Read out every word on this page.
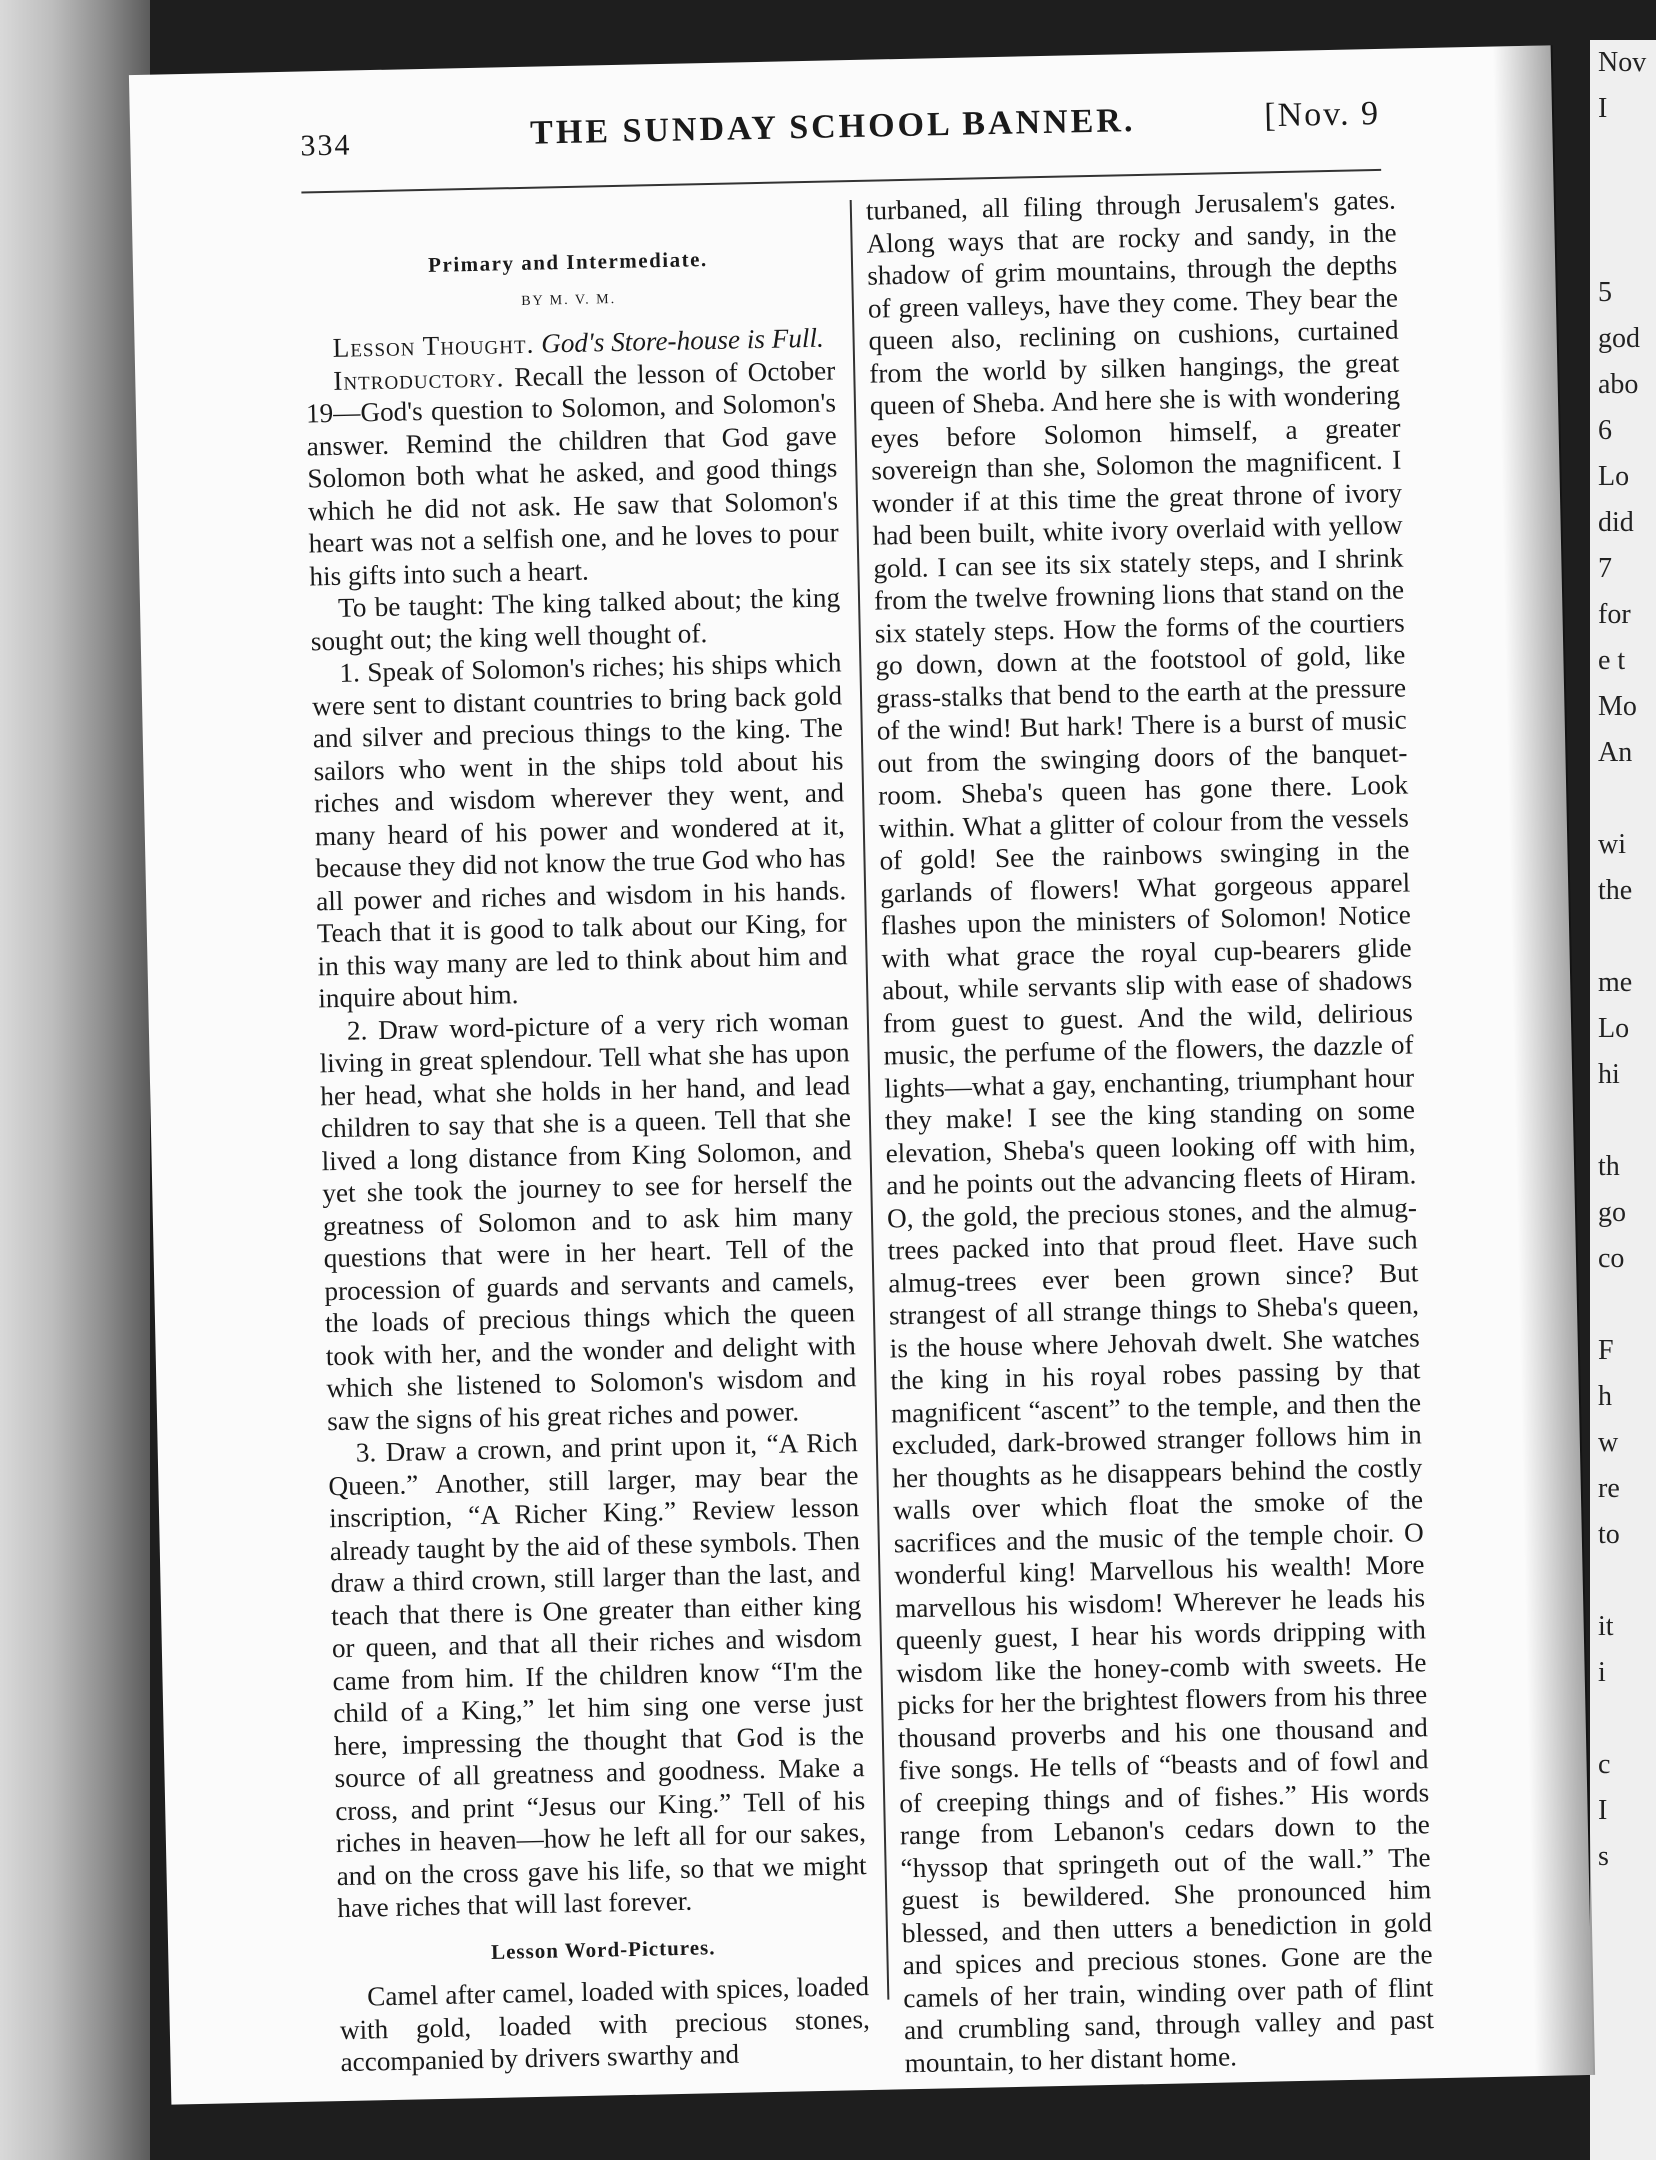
Nov
I

5
god
abo
6
Lo
did
7
for
e t
Mo
An

wi
the

me
Lo
hi

th
go
co

F
h
w
re
to

it
i

c
I
s
334	THE SUNDAY SCHOOL BANNER.	[Nov. 9
Primary and Intermediate.
BY M. V. M.

Lesson Thought. God's Store-house is Full.

Introductory. Recall the lesson of October 19—God's question to Solomon, and Solomon's answer. Remind the children that God gave Solomon both what he asked, and good things which he did not ask. He saw that Solomon's heart was not a selfish one, and he loves to pour his gifts into such a heart.

To be taught: The king talked about; the king sought out; the king well thought of.

1. Speak of Solomon's riches; his ships which were sent to distant countries to bring back gold and silver and precious things to the king. The sailors who went in the ships told about his riches and wisdom wherever they went, and many heard of his power and wondered at it, because they did not know the true God who has all power and riches and wisdom in his hands. Teach that it is good to talk about our King, for in this way many are led to think about him and inquire about him.

2. Draw word-picture of a very rich woman living in great splendour. Tell what she has upon her head, what she holds in her hand, and lead children to say that she is a queen. Tell that she lived a long distance from King Solomon, and yet she took the journey to see for herself the greatness of Solomon and to ask him many questions that were in her heart. Tell of the procession of guards and servants and camels, the loads of precious things which the queen took with her, and the wonder and delight with which she listened to Solomon's wisdom and saw the signs of his great riches and power.

3. Draw a crown, and print upon it, “A Rich Queen.” Another, still larger, may bear the inscription, “A Richer King.” Review lesson already taught by the aid of these symbols. Then draw a third crown, still larger than the last, and teach that there is One greater than either king or queen, and that all their riches and wisdom came from him. If the children know “I'm the child of a King,” let him sing one verse just here, impressing the thought that God is the source of all greatness and goodness. Make a cross, and print “Jesus our King.” Tell of his riches in heaven—how he left all for our sakes, and on the cross gave his life, so that we might have riches that will last forever.

Lesson Word-Pictures.

Camel after camel, loaded with spices, loaded with gold, loaded with precious stones, accompanied by drivers swarthy and

turbaned, all filing through Jerusalem's gates. Along ways that are rocky and sandy, in the shadow of grim mountains, through the depths of green valleys, have they come. They bear the queen also, reclining on cushions, curtained from the world by silken hangings, the great queen of Sheba. And here she is with wondering eyes before Solomon himself, a greater sovereign than she, Solomon the magnificent. I wonder if at this time the great throne of ivory had been built, white ivory overlaid with yellow gold. I can see its six stately steps, and I shrink from the twelve frowning lions that stand on the six stately steps. How the forms of the courtiers go down, down at the footstool of gold, like grass-stalks that bend to the earth at the pressure of the wind! But hark! There is a burst of music out from the swinging doors of the banquet-room. Sheba's queen has gone there. Look within. What a glitter of colour from the vessels of gold! See the rainbows swinging in the garlands of flowers! What gorgeous apparel flashes upon the ministers of Solomon! Notice with what grace the royal cup-bearers glide about, while servants slip with ease of shadows from guest to guest. And the wild, delirious music, the perfume of the flowers, the dazzle of lights—what a gay, enchanting, triumphant hour they make! I see the king standing on some elevation, Sheba's queen looking off with him, and he points out the advancing fleets of Hiram. O, the gold, the precious stones, and the almug-trees packed into that proud fleet. Have such almug-trees ever been grown since? But strangest of all strange things to Sheba's queen, is the house where Jehovah dwelt. She watches the king in his royal robes passing by that magnificent “ascent” to the temple, and then the excluded, dark-browed stranger follows him in her thoughts as he disappears behind the costly walls over which float the smoke of the sacrifices and the music of the temple choir. O wonderful king! Marvellous his wealth! More marvellous his wisdom! Wherever he leads his queenly guest, I hear his words dripping with wisdom like the honey-comb with sweets. He picks for her the brightest flowers from his three thousand proverbs and his one thousand and five songs. He tells of “beasts and of fowl and of creeping things and of fishes.” His words range from Lebanon's cedars down to the “hyssop that springeth out of the wall.” The guest is bewildered. She pronounced him blessed, and then utters a benediction in gold and spices and precious stones. Gone are the camels of her train, winding over path of flint and crumbling sand, through valley and past mountain, to her distant home.
